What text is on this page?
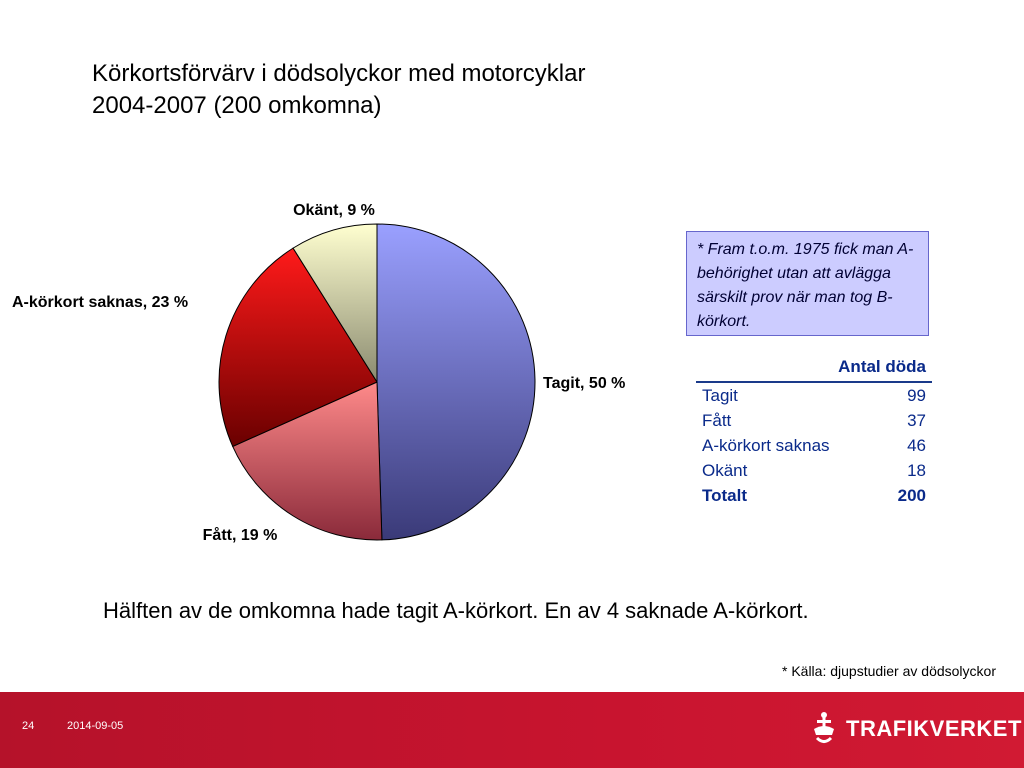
Körkortsförvärv i dödsolyckor med motorcyklar
2004-2007 (200 omkomna)
Tagit, 50 %
Fått, 19 %
A-körkort saknas, 23 %
Okänt, 9 %
* Fram t.o.m. 1975 fick man A-behörighet utan att avlägga särskilt prov när man tog B-körkort.
Antal döda	
Tagit	99
Fått	37
A-körkort saknas	46
Okänt	18
Totalt	200
Hälften av de omkomna hade tagit A-körkort. En av 4 saknade A-körkort.
* Källa: djupstudier av dödsolyckor
24	2014-09-05	TRAFIKVERKET
